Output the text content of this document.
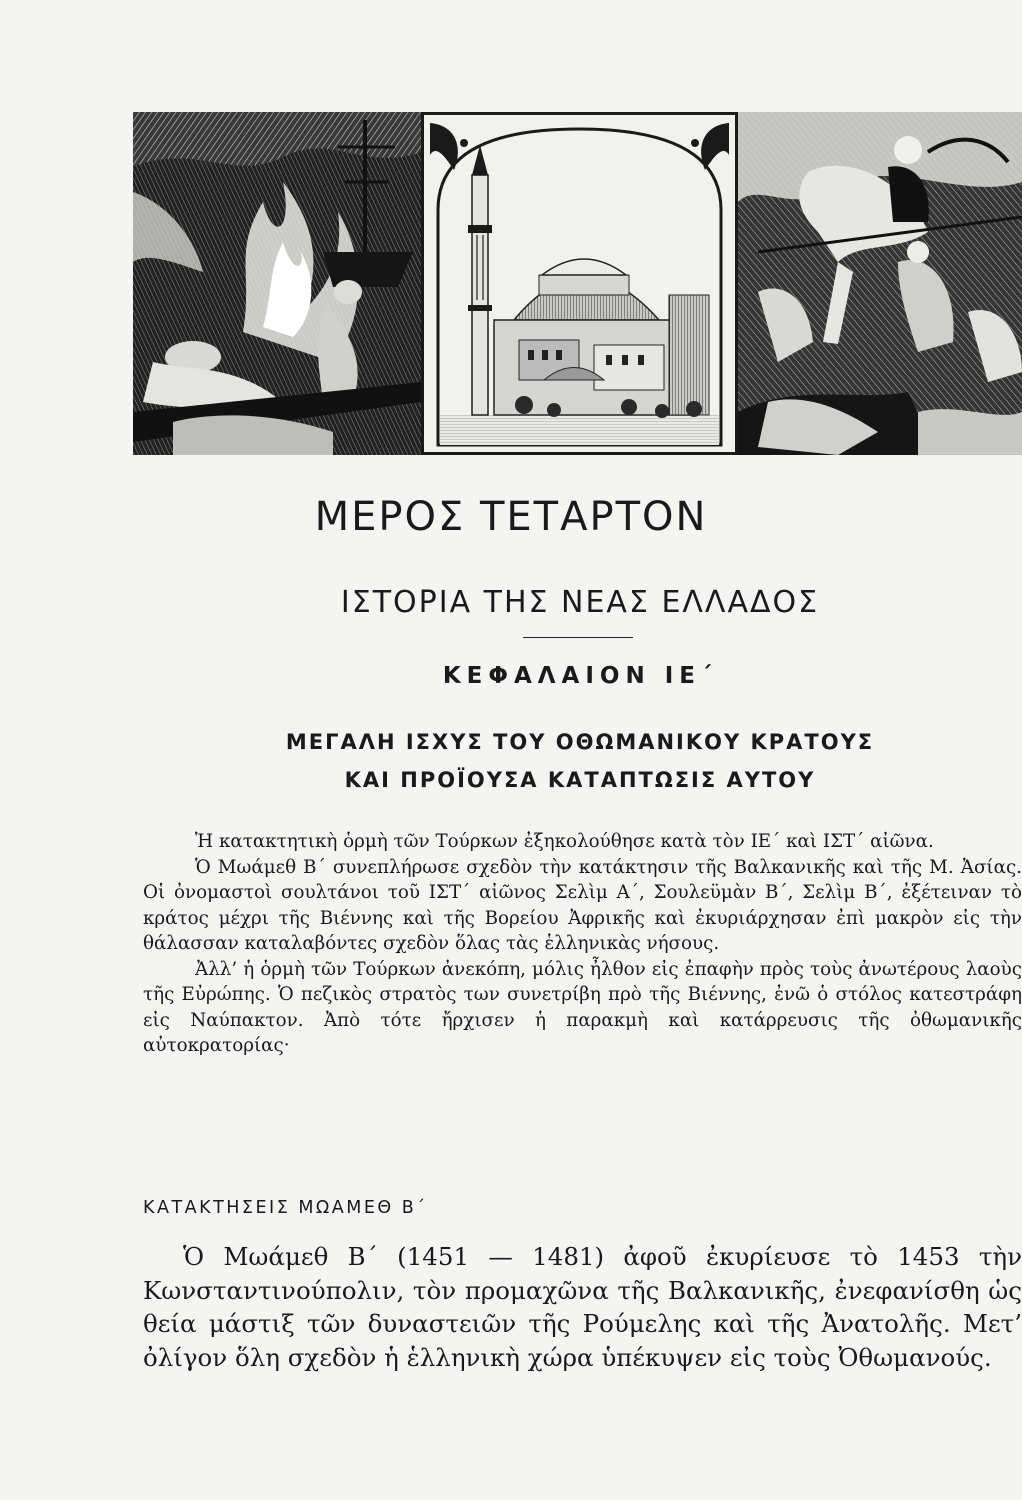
ΜΕΡΟΣ ΤΕΤΑΡΤΟΝ
ΙΣΤΟΡΙΑ ΤΗΣ ΝΕΑΣ ΕΛΛΑΔΟΣ
ΚΕΦΑΛΑΙΟΝ ΙΕ΄
ΜΕΓΑΛΗ ΙΣΧΥΣ ΤΟΥ ΟΘΩΜΑΝΙΚΟΥ ΚΡΑΤΟΥΣ
ΚΑΙ ΠΡΟΪΟΥΣΑ ΚΑΤΑΠΤΩΣΙΣ ΑΥΤΟΥ

Ἡ κατακτητικὴ ὁρμὴ τῶν Τούρκων ἐξηκολούθησε κατὰ τὸν ΙΕ΄ καὶ ΙΣΤ΄ αἰῶνα.

Ὁ Μωάμεθ Β΄ συνεπλήρωσε σχεδὸν τὴν κατάκτησιν τῆς Βαλκανικῆς καὶ τῆς Μ. Ἀσίας. Οἱ ὀνομαστοὶ σουλτάνοι τοῦ ΙΣΤ΄ αἰῶνος Σελὶμ Α΄, Σουλεϋμὰν Β΄, Σελὶμ Β΄, ἐξέτειναν τὸ κράτος μέχρι τῆς Βιέννης καὶ τῆς Βορείου Ἀφρικῆς καὶ ἐκυριάρχησαν ἐπὶ μακρὸν εἰς τὴν θάλασσαν καταλαβόντες σχεδὸν ὅλας τὰς ἑλληνικὰς νήσους.

Ἀλλ’ ἡ ὁρμὴ τῶν Τούρκων ἀνεκόπη, μόλις ἦλθον εἰς ἐπαφὴν πρὸς τοὺς ἀνωτέρους λαοὺς τῆς Εὐρώπης. Ὁ πεζικὸς στρατὸς των συνετρίβη πρὸ τῆς Βιέννης, ἐνῶ ὁ στόλος κατεστράφη εἰς Ναύπακτον. Ἀπὸ τότε ἤρχισεν ἡ παρακμὴ καὶ κατάρρευσις τῆς ὀθωμανικῆς αὐτοκρατορίας·

ΚΑΤΑΚΤΗΣΕΙΣ ΜΩΑΜΕΘ Β΄

Ὁ Μωάμεθ Β΄ (1451 — 1481) ἀφοῦ ἐκυρίευσε τὸ 1453 τὴν Κωνσταντινούπολιν, τὸν προμαχῶνα τῆς Βαλκανικῆς, ἐνεφανίσθη ὡς θεία μάστιξ τῶν δυναστειῶν τῆς Ρούμελης καὶ τῆς Ἀνατολῆς. Μετ’ ὀλίγον ὅλη σχεδὸν ἡ ἑλληνικὴ χώρα ὑπέκυψεν εἰς τοὺς Ὀθωμανούς.
